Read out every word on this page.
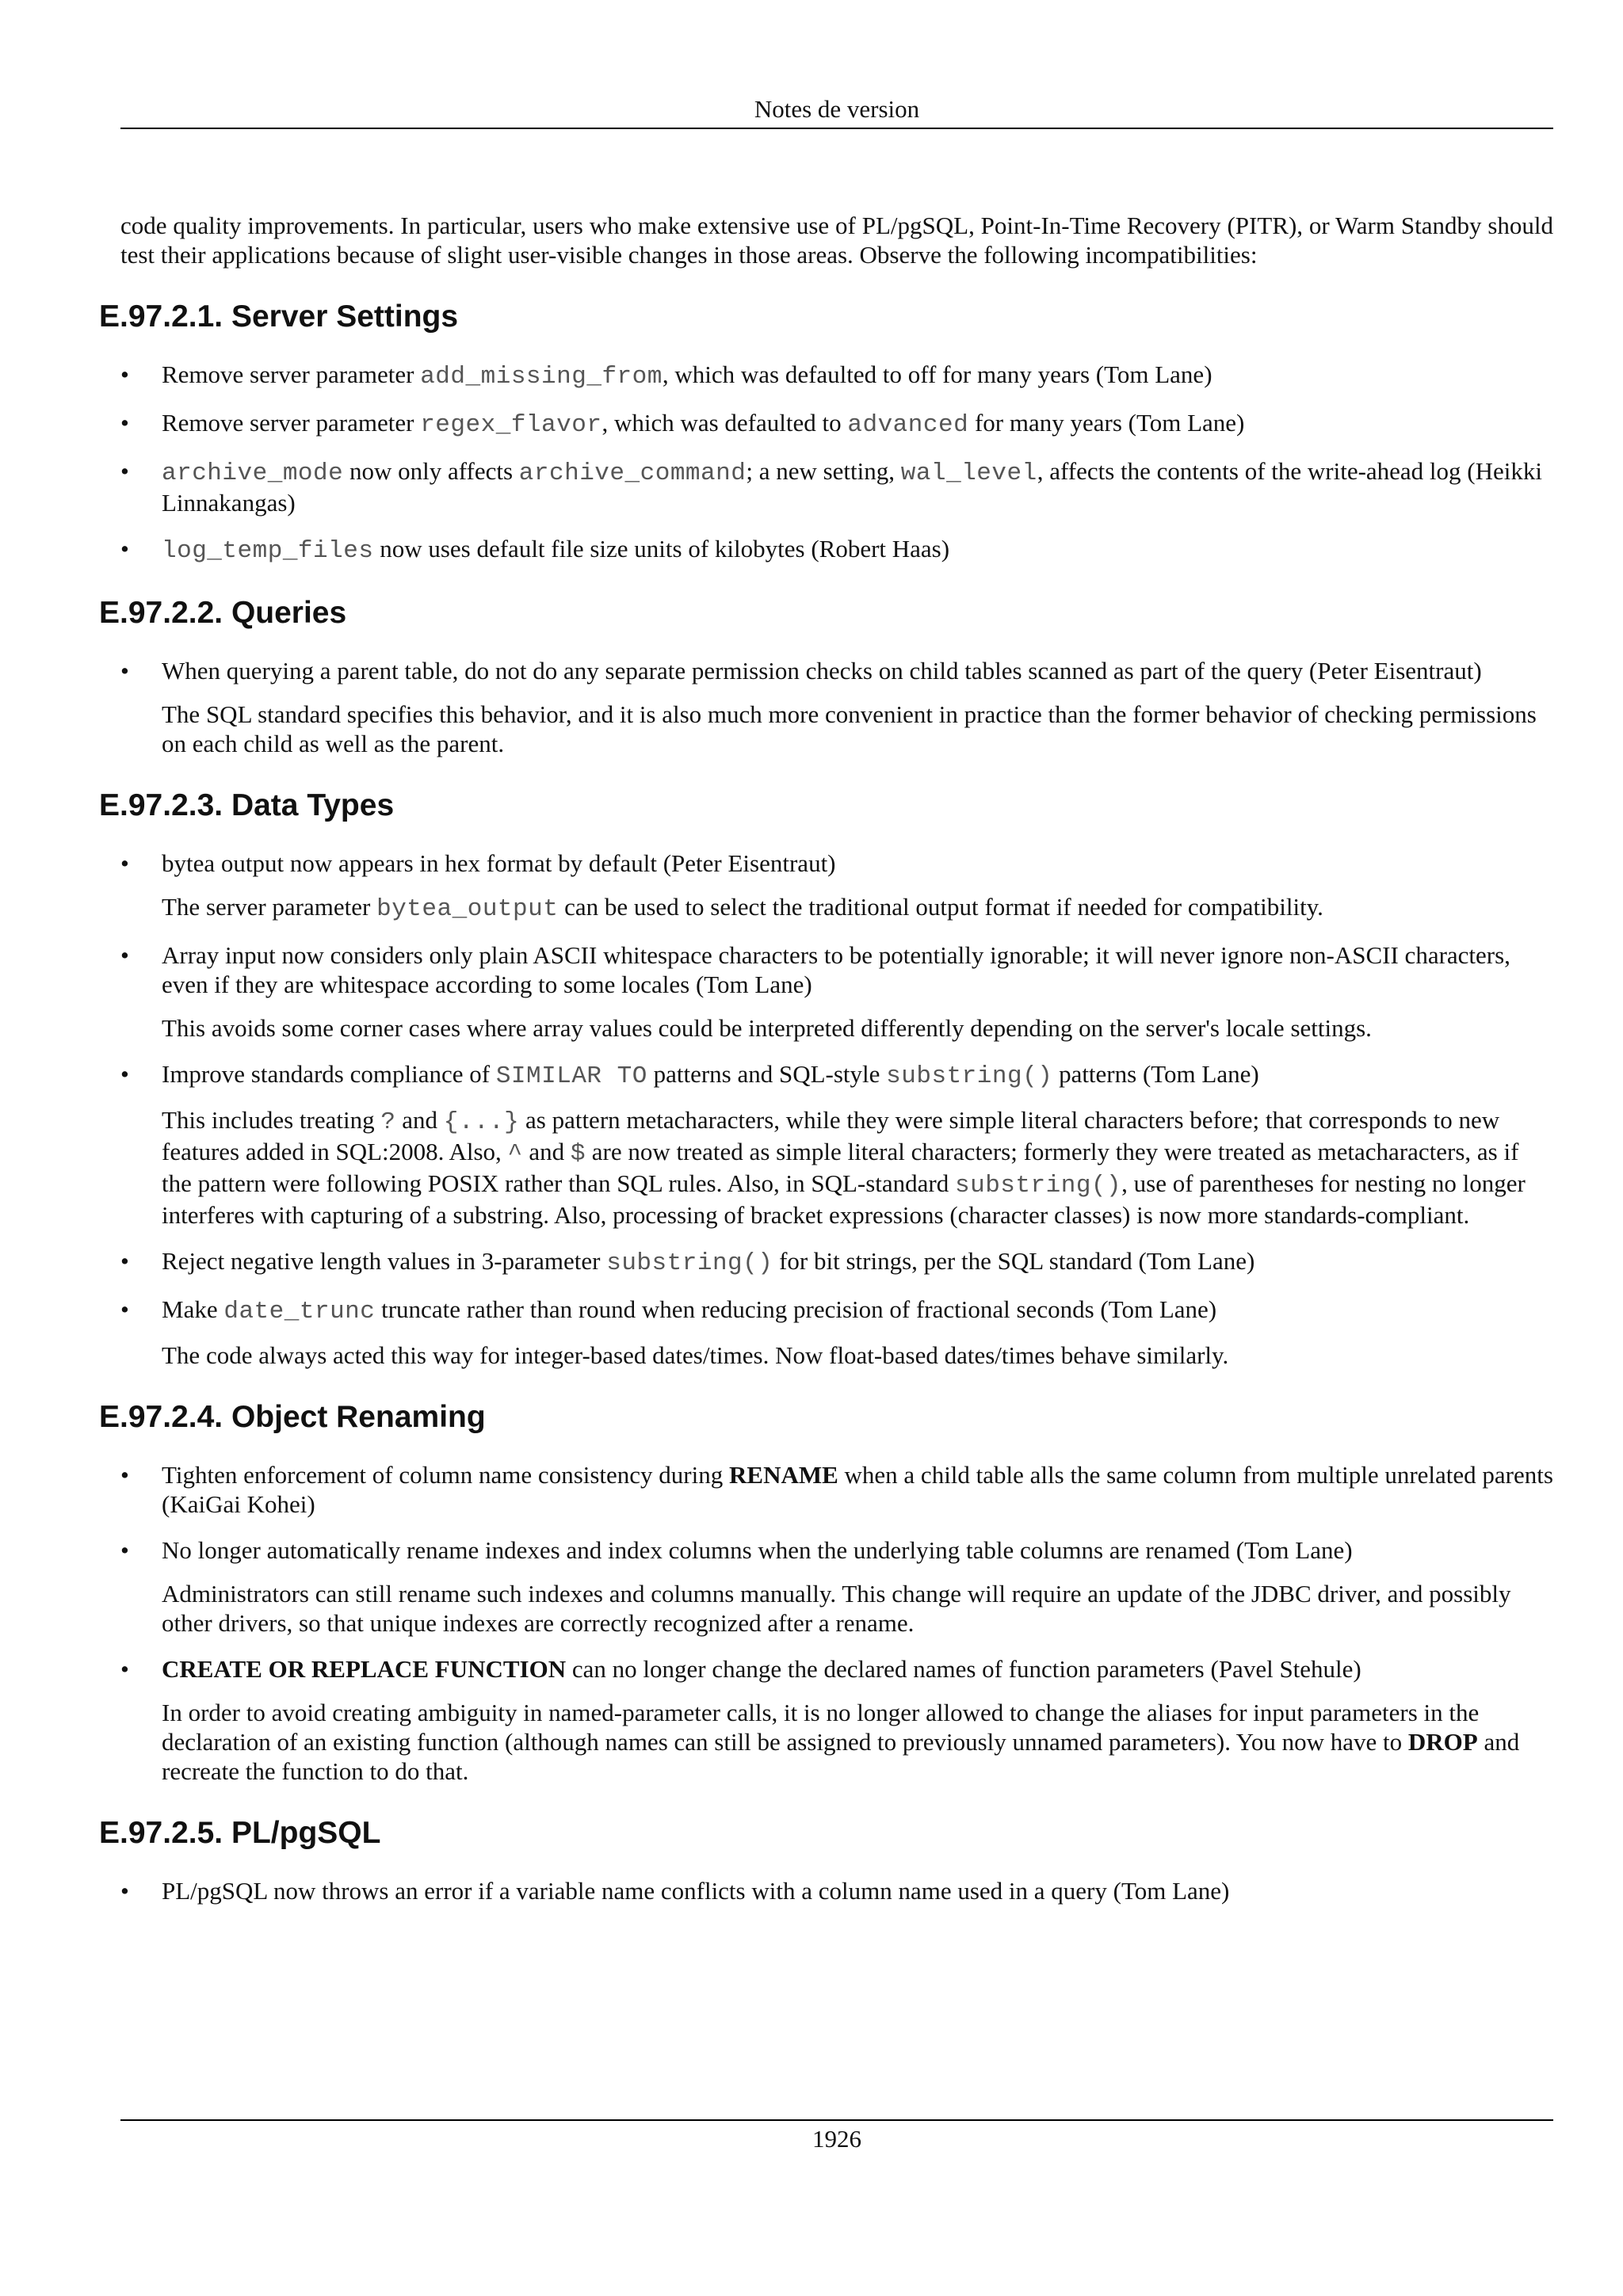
Notes de version

code quality improvements. In particular, users who make extensive use of PL/pgSQL, Point-In-Time Recovery (PITR), or Warm Standby should test their applications because of slight user-visible changes in those areas. Observe the following incompatibilities:

E.97.2.1. Server Settings

• Remove server parameter add_missing_from, which was defaulted to off for many years (Tom Lane)

• Remove server parameter regex_flavor, which was defaulted to advanced for many years (Tom Lane)

• archive_mode now only affects archive_command; a new setting, wal_level, affects the contents of the write-ahead log (Heikki Linnakangas)

• log_temp_files now uses default file size units of kilobytes (Robert Haas)

E.97.2.2. Queries

• When querying a parent table, do not do any separate permission checks on child tables scanned as part of the query (Peter Eisentraut)

The SQL standard specifies this behavior, and it is also much more convenient in practice than the former behavior of checking permissions on each child as well as the parent.

E.97.2.3. Data Types

• bytea output now appears in hex format by default (Peter Eisentraut)

The server parameter bytea_output can be used to select the traditional output format if needed for compatibility.

• Array input now considers only plain ASCII whitespace characters to be potentially ignorable; it will never ignore non-ASCII characters, even if they are whitespace according to some locales (Tom Lane)

This avoids some corner cases where array values could be interpreted differently depending on the server's locale settings.

• Improve standards compliance of SIMILAR TO patterns and SQL-style substring() patterns (Tom Lane)

This includes treating ? and {...} as pattern metacharacters, while they were simple literal characters before; that corresponds to new features added in SQL:2008. Also, ^ and $ are now treated as simple literal characters; formerly they were treated as metacharacters, as if the pattern were following POSIX rather than SQL rules. Also, in SQL-standard substring(), use of parentheses for nesting no longer interferes with capturing of a substring. Also, processing of bracket expressions (character classes) is now more standards-compliant.

• Reject negative length values in 3-parameter substring() for bit strings, per the SQL standard (Tom Lane)

• Make date_trunc truncate rather than round when reducing precision of fractional seconds (Tom Lane)

The code always acted this way for integer-based dates/times. Now float-based dates/times behave similarly.

E.97.2.4. Object Renaming

• Tighten enforcement of column name consistency during RENAME when a child table alls the same column from multiple unrelated parents (KaiGai Kohei)

• No longer automatically rename indexes and index columns when the underlying table columns are renamed (Tom Lane)

Administrators can still rename such indexes and columns manually. This change will require an update of the JDBC driver, and possibly other drivers, so that unique indexes are correctly recognized after a rename.

• CREATE OR REPLACE FUNCTION can no longer change the declared names of function parameters (Pavel Stehule)

In order to avoid creating ambiguity in named-parameter calls, it is no longer allowed to change the aliases for input parameters in the declaration of an existing function (although names can still be assigned to previously unnamed parameters). You now have to DROP and recreate the function to do that.

E.97.2.5. PL/pgSQL

• PL/pgSQL now throws an error if a variable name conflicts with a column name used in a query (Tom Lane)

1926
